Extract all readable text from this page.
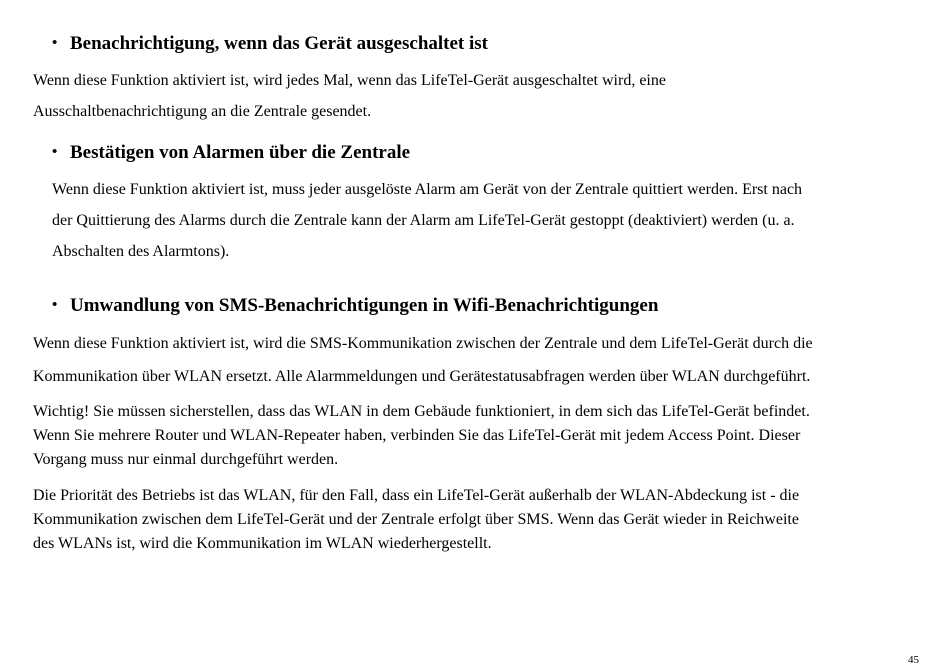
• Benachrichtigung, wenn das Gerät ausgeschaltet ist
Wenn diese Funktion aktiviert ist, wird jedes Mal, wenn das LifeTel-Gerät ausgeschaltet wird, eine
Ausschaltbenachrichtigung an die Zentrale gesendet.
• Bestätigen von Alarmen über die Zentrale
Wenn diese Funktion aktiviert ist, muss jeder ausgelöste Alarm am Gerät von der Zentrale quittiert werden. Erst nach
der Quittierung des Alarms durch die Zentrale kann der Alarm am LifeTel-Gerät gestoppt (deaktiviert) werden (u. a.
Abschalten des Alarmtons).
• Umwandlung von SMS-Benachrichtigungen in Wifi-Benachrichtigungen
Wenn diese Funktion aktiviert ist, wird die SMS-Kommunikation zwischen der Zentrale und dem LifeTel-Gerät durch die
Kommunikation über WLAN ersetzt. Alle Alarmmeldungen und Gerätestatusabfragen werden über WLAN durchgeführt.
Wichtig! Sie müssen sicherstellen, dass das WLAN in dem Gebäude funktioniert, in dem sich das LifeTel-Gerät befindet.
Wenn Sie mehrere Router und WLAN-Repeater haben, verbinden Sie das LifeTel-Gerät mit jedem Access Point. Dieser
Vorgang muss nur einmal durchgeführt werden.
Die Priorität des Betriebs ist das WLAN, für den Fall, dass ein LifeTel-Gerät außerhalb der WLAN-Abdeckung ist - die
Kommunikation zwischen dem LifeTel-Gerät und der Zentrale erfolgt über SMS. Wenn das Gerät wieder in Reichweite
des WLANs ist, wird die Kommunikation im WLAN wiederhergestellt.
45
